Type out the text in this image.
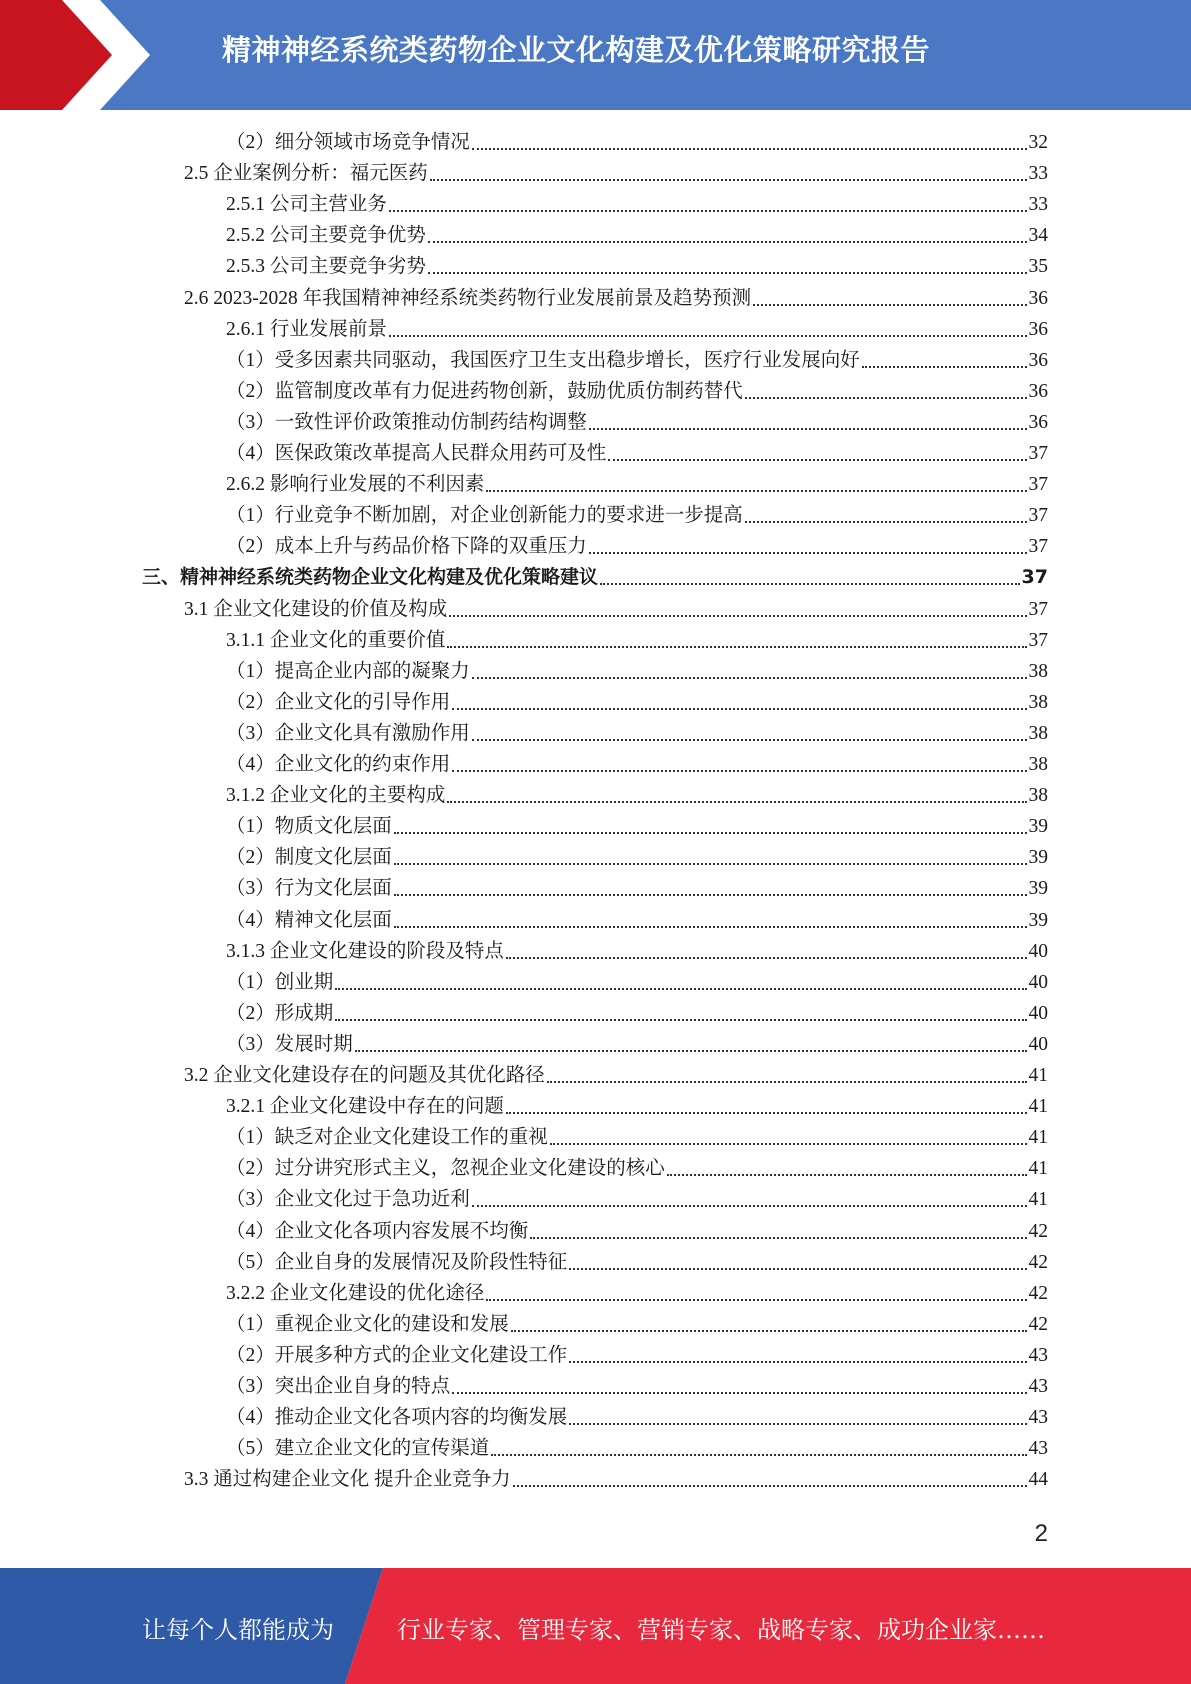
精神神经系统类药物企业文化构建及优化策略研究报告
（2）细分领域市场竞争情况	32
2.5 企业案例分析：福元医药	33
2.5.1 公司主营业务	33
2.5.2 公司主要竞争优势	34
2.5.3 公司主要竞争劣势	35
2.6 2023-2028 年我国精神神经系统类药物行业发展前景及趋势预测	36
2.6.1 行业发展前景	36
（1）受多因素共同驱动，我国医疗卫生支出稳步增长，医疗行业发展向好	36
（2）监管制度改革有力促进药物创新，鼓励优质仿制药替代	36
（3）一致性评价政策推动仿制药结构调整	36
（4）医保政策改革提高人民群众用药可及性	37
2.6.2 影响行业发展的不利因素	37
（1）行业竞争不断加剧，对企业创新能力的要求进一步提高	37
（2）成本上升与药品价格下降的双重压力	37
三、精神神经系统类药物企业文化构建及优化策略建议	37
3.1 企业文化建设的价值及构成	37
3.1.1 企业文化的重要价值	37
（1）提高企业内部的凝聚力	38
（2）企业文化的引导作用	38
（3）企业文化具有激励作用	38
（4）企业文化的约束作用	38
3.1.2 企业文化的主要构成	38
（1）物质文化层面	39
（2）制度文化层面	39
（3）行为文化层面	39
（4）精神文化层面	39
3.1.3 企业文化建设的阶段及特点	40
（1）创业期	40
（2）形成期	40
（3）发展时期	40
3.2 企业文化建设存在的问题及其优化路径	41
3.2.1 企业文化建设中存在的问题	41
（1）缺乏对企业文化建设工作的重视	41
（2）过分讲究形式主义，忽视企业文化建设的核心	41
（3）企业文化过于急功近利	41
（4）企业文化各项内容发展不均衡	42
（5）企业自身的发展情况及阶段性特征	42
3.2.2 企业文化建设的优化途径	42
（1）重视企业文化的建设和发展	42
（2）开展多种方式的企业文化建设工作	43
（3）突出企业自身的特点	43
（4）推动企业文化各项内容的均衡发展	43
（5）建立企业文化的宣传渠道	43
3.3 通过构建企业文化 提升企业竞争力	44
2
让每个人都能成为	行业专家、管理专家、营销专家、战略专家、成功企业家……
